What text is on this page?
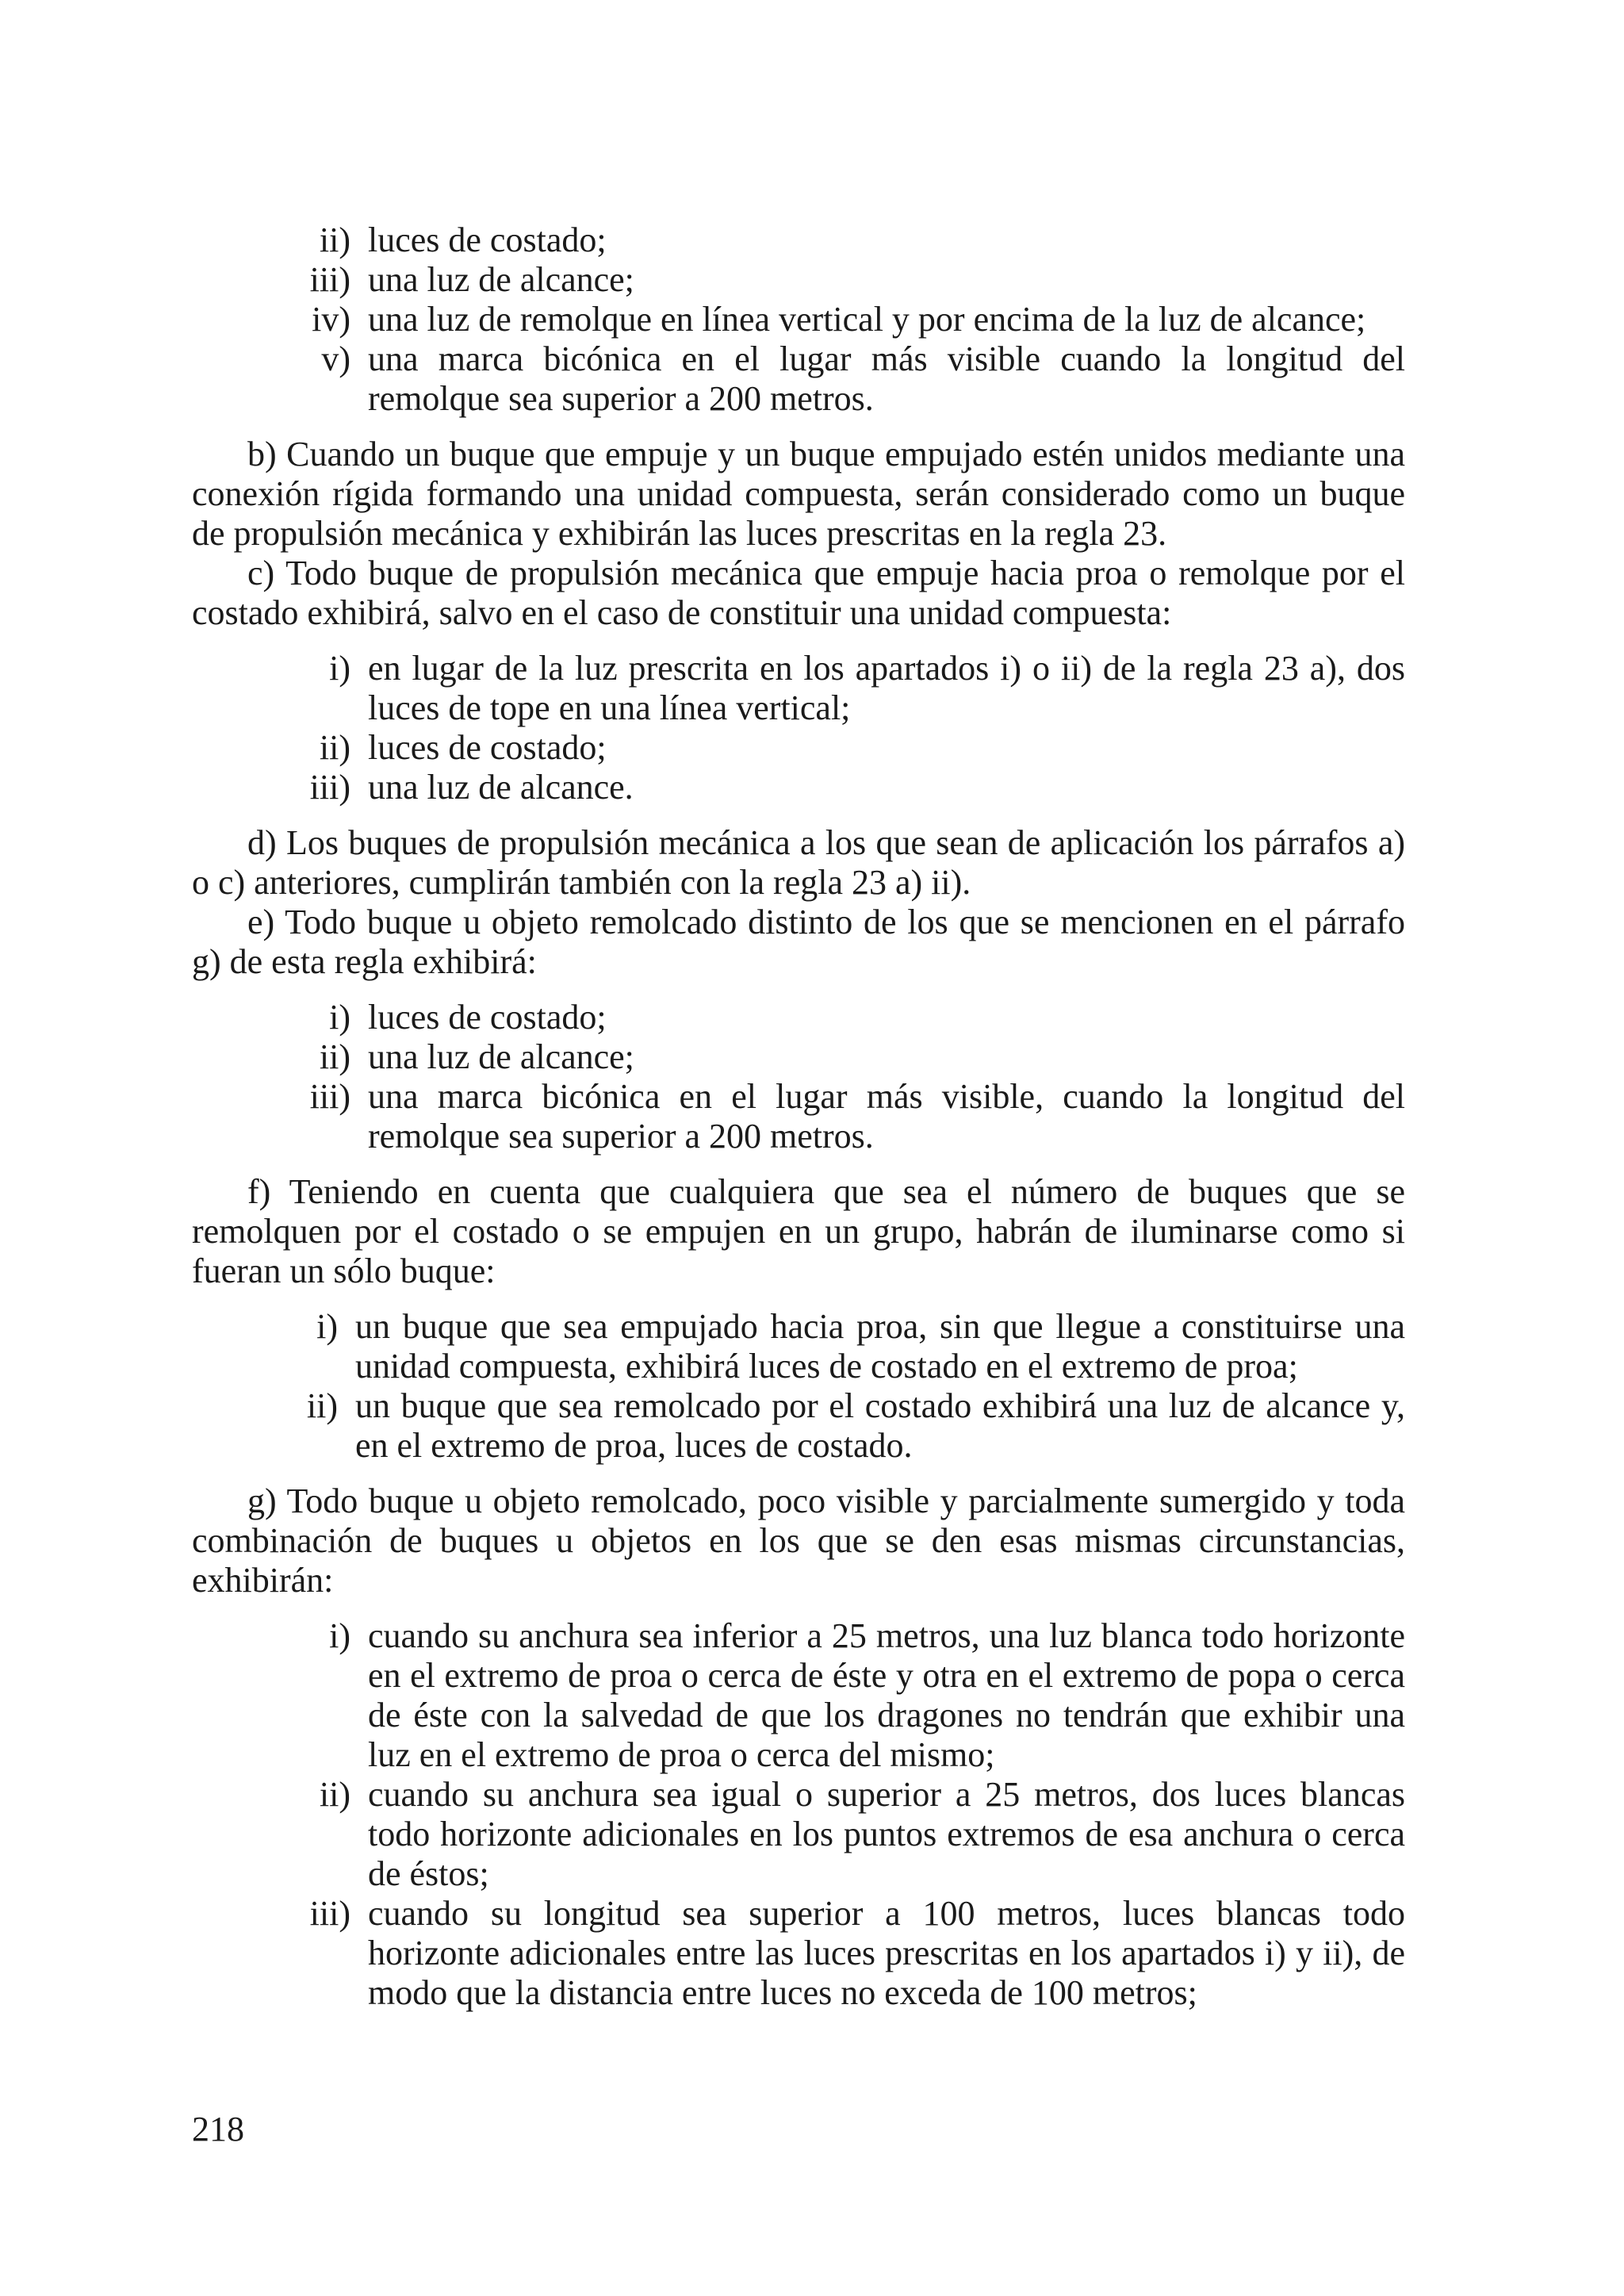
ii) luces de costado;
iii) una luz de alcance;
iv) una luz de remolque en línea vertical y por encima de la luz de alcance;
v) una marca bicónica en el lugar más visible cuando la longitud del remolque sea superior a 200 metros.

b) Cuando un buque que empuje y un buque empujado estén unidos mediante una conexión rígida formando una unidad compuesta, serán considerado como un buque de propulsión mecánica y exhibirán las luces prescritas en la regla 23.

c) Todo buque de propulsión mecánica que empuje hacia proa o remolque por el costado exhibirá, salvo en el caso de constituir una unidad compuesta:

i) en lugar de la luz prescrita en los apartados i) o ii) de la regla 23 a), dos luces de tope en una línea vertical;
ii) luces de costado;
iii) una luz de alcance.

d) Los buques de propulsión mecánica a los que sean de aplicación los párrafos a) o c) anteriores, cumplirán también con la regla 23 a) ii).

e) Todo buque u objeto remolcado distinto de los que se mencionen en el párrafo g) de esta regla exhibirá:

i) luces de costado;
ii) una luz de alcance;
iii) una marca bicónica en el lugar más visible, cuando la longitud del remolque sea superior a 200 metros.

f) Teniendo en cuenta que cualquiera que sea el número de buques que se remolquen por el costado o se empujen en un grupo, habrán de iluminarse como si fueran un sólo buque:

i) un buque que sea empujado hacia proa, sin que llegue a constituirse una unidad compuesta, exhibirá luces de costado en el extremo de proa;
ii) un buque que sea remolcado por el costado exhibirá una luz de alcance y, en el extremo de proa, luces de costado.

g) Todo buque u objeto remolcado, poco visible y parcialmente sumergido y toda combinación de buques u objetos en los que se den esas mismas circunstancias, exhibirán:

i) cuando su anchura sea inferior a 25 metros, una luz blanca todo horizonte en el extremo de proa o cerca de éste y otra en el extremo de popa o cerca de éste con la salvedad de que los dragones no tendrán que exhibir una luz en el extremo de proa o cerca del mismo;
ii) cuando su anchura sea igual o superior a 25 metros, dos luces blancas todo horizonte adicionales en los puntos extremos de esa anchura o cerca de éstos;
iii) cuando su longitud sea superior a 100 metros, luces blancas todo horizonte adicionales entre las luces prescritas en los apartados i) y ii), de modo que la distancia entre luces no exceda de 100 metros;
218
